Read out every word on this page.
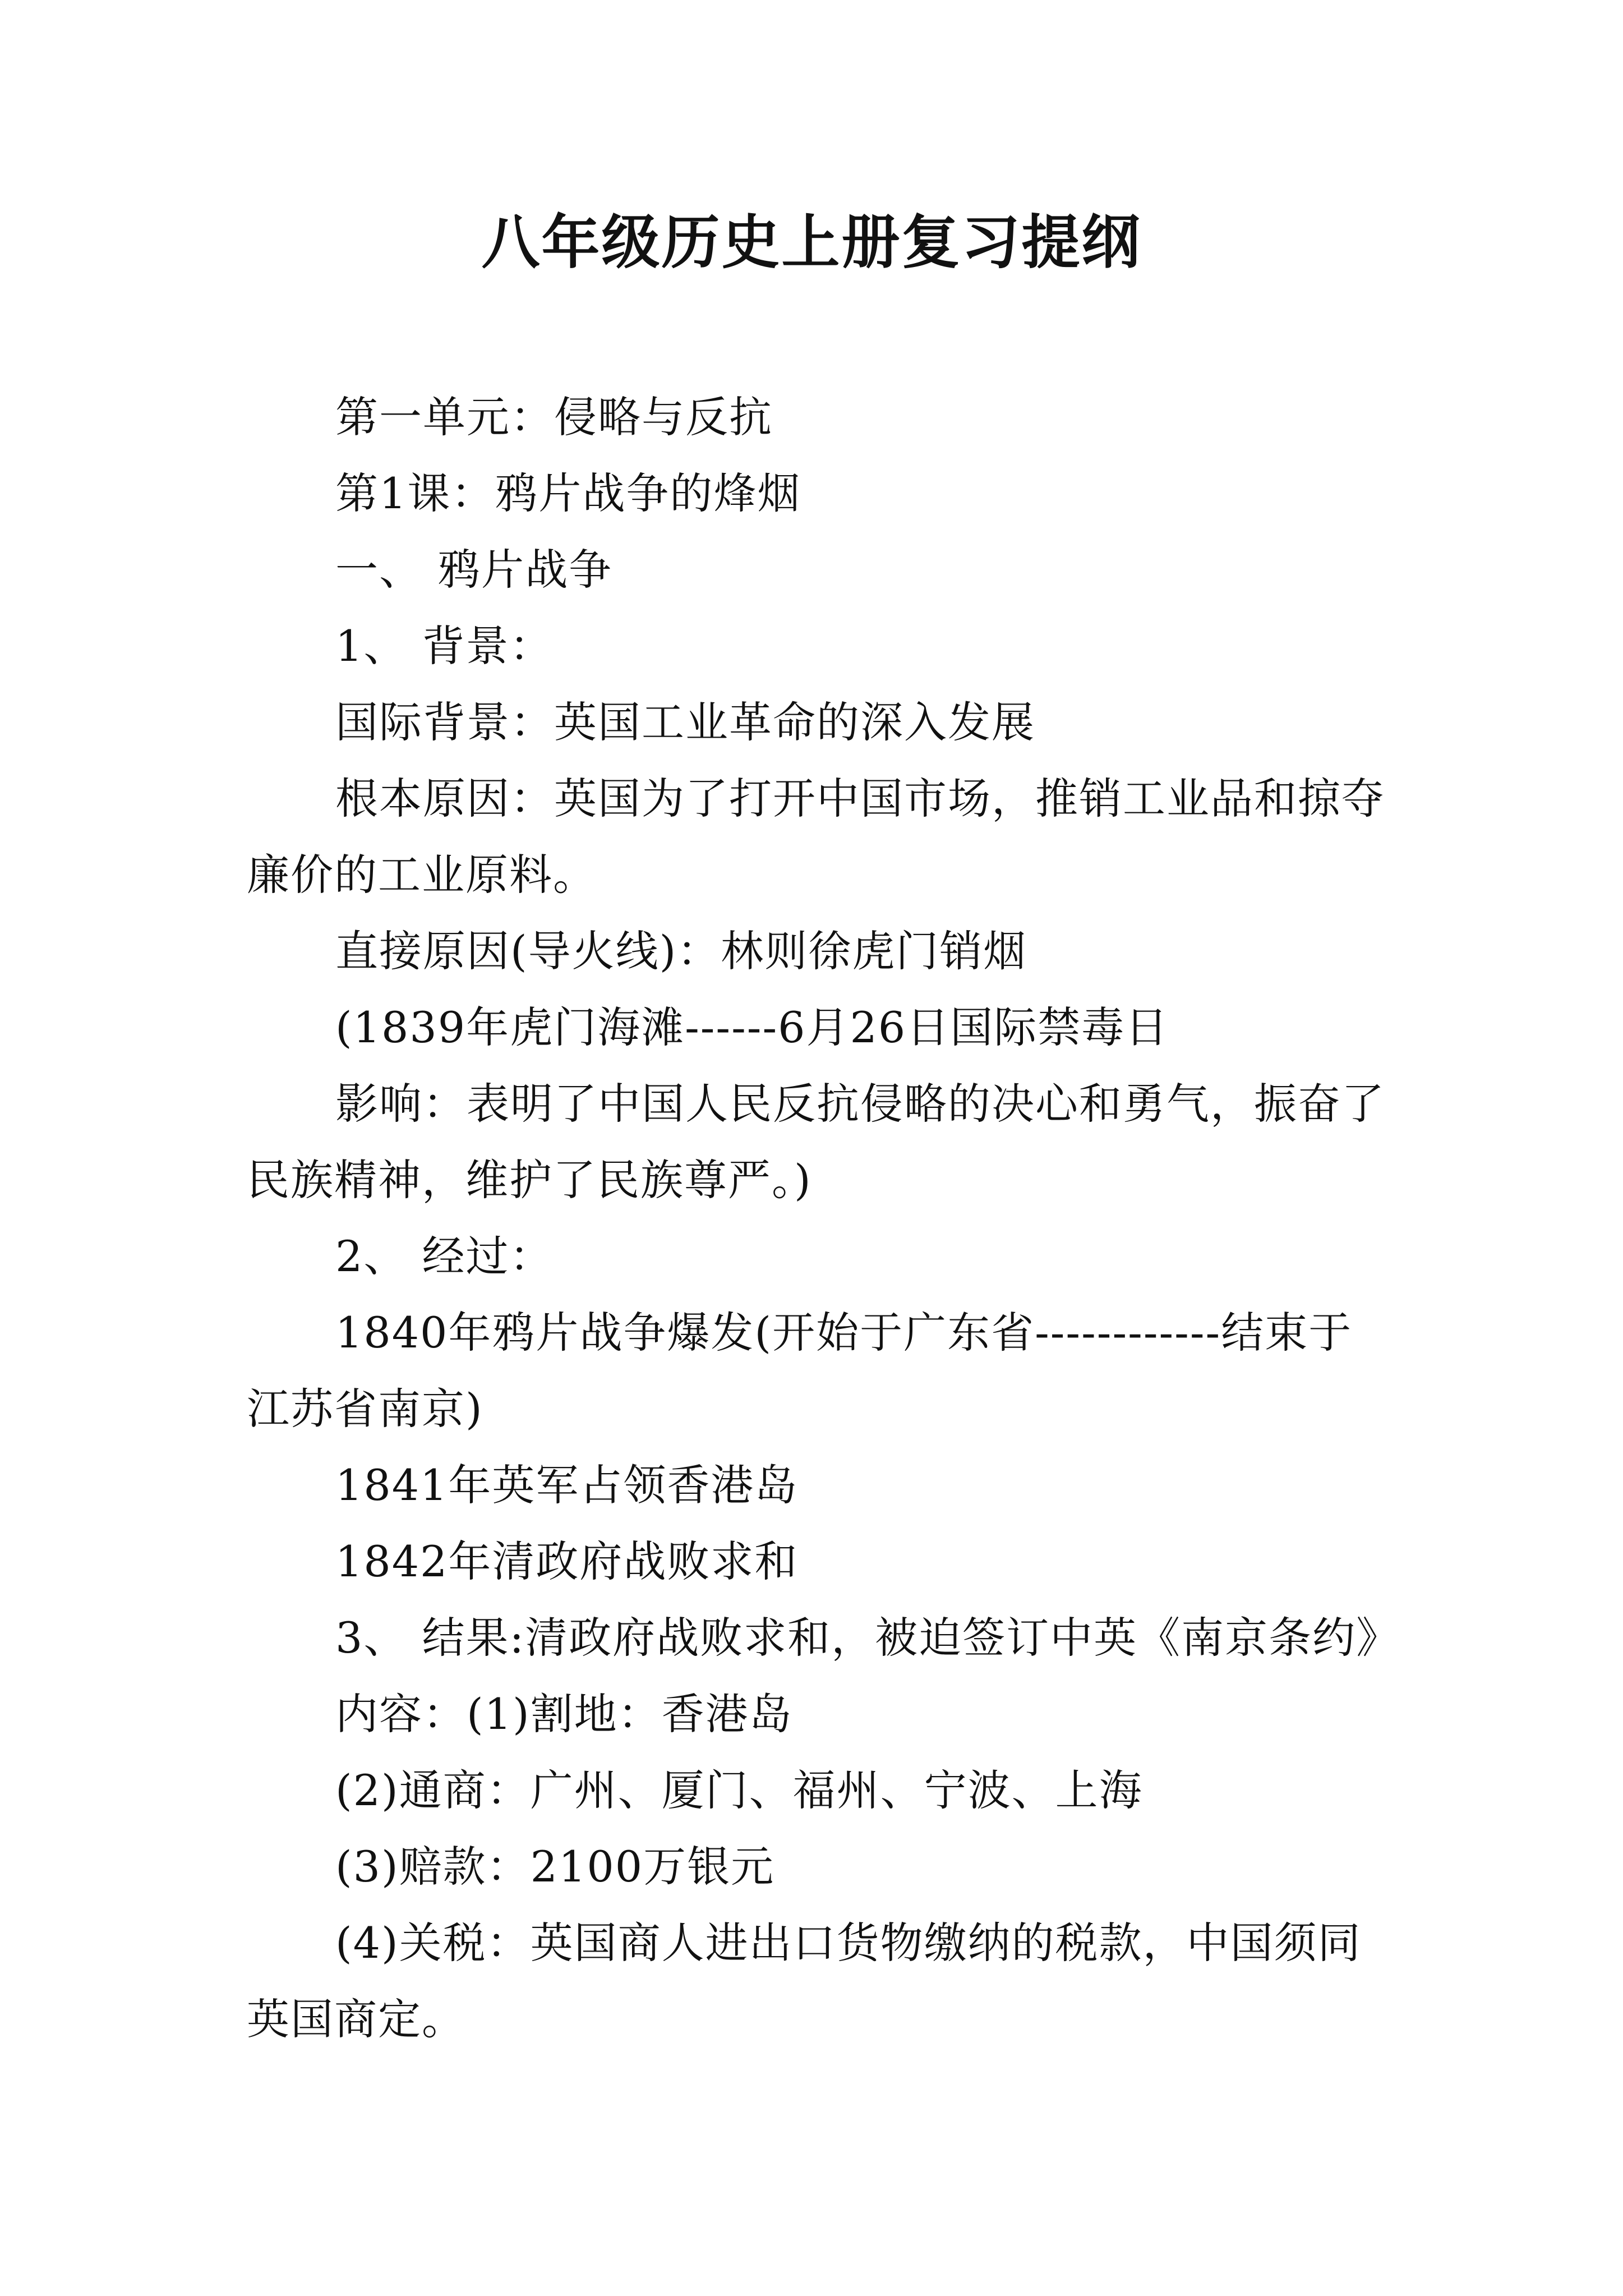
八年级历史上册复习提纲

第一单元：侵略与反抗

第1课：鸦片战争的烽烟

一、 鸦片战争

1、 背景：

国际背景：英国工业革命的深入发展

根本原因：英国为了打开中国市场，推销工业品和掠夺廉价的工业原料。

直接原因(导火线)：林则徐虎门销烟

(1839年虎门海滩------6月26日国际禁毒日

影响：表明了中国人民反抗侵略的决心和勇气，振奋了民族精神，维护了民族尊严。)

2、 经过：

1840年鸦片战争爆发(开始于广东省------------结束于江苏省南京)

1841年英军占领香港岛

1842年清政府战败求和

3、 结果:清政府战败求和，被迫签订中英《南京条约》

内容：(1)割地：香港岛

(2)通商：广州、厦门、福州、宁波、上海

(3)赔款：2100万银元

(4)关税：英国商人进出口货物缴纳的税款，中国须同英国商定。
